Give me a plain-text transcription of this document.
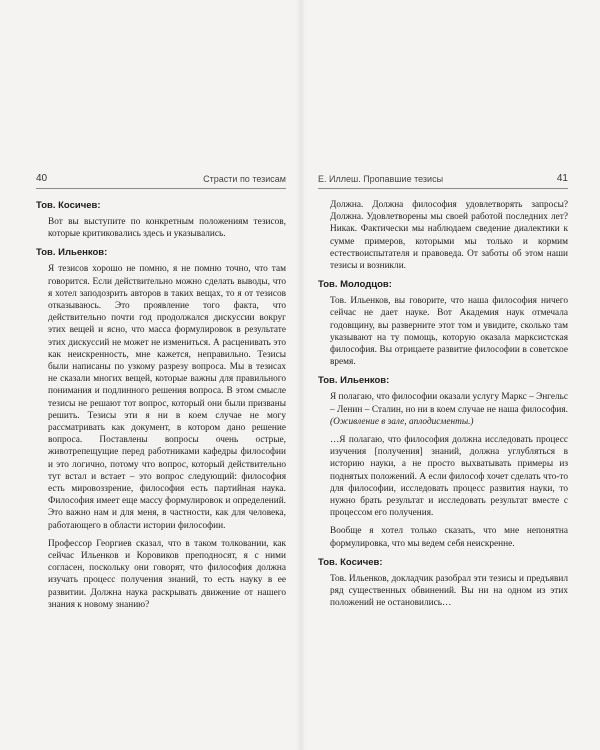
40	Страсти по тезисам
Тов. Косичев:

Вот вы выступите по конкретным положениям тезисов, которые критиковались здесь и указывались.

Тов. Ильенков:

Я тезисов хорошо не помню, я не помню точно, что там говорится. Если действительно можно сделать выводы, что я хотел заподозрить авторов в таких вещах, то я от тезисов отказываюсь. Это проявление того факта, что действительно почти год продолжался дискуссии вокруг этих вещей и ясно, что масса формулировок в результате этих дискуссий не может не измениться. А расценивать это как неискренность, мне кажется, неправильно. Тезисы были написаны по узкому разрезу вопроса. Мы в тезисах не сказали многих вещей, которые важны для правильного понимания и подлинного решения вопроса. В этом смысле тезисы не решают тот вопрос, который они были призваны решить. Тезисы эти я ни в коем случае не могу рассматривать как документ, в котором дано решение вопроса. Поставлены вопросы очень острые, животрепещущие перед работниками кафедры философии и это логично, потому что вопрос, который действительно тут встал и встает – это вопрос следующий: философия есть мировоззрение, философия есть партийная наука. Философия имеет еще массу формулировок и определений. Это важно нам и для меня, в частности, как для человека, работающего в области истории философии.

Профессор Георгиев сказал, что в таком толковании, как сейчас Ильенков и Коровиков преподносят, я с ними согласен, поскольку они говорят, что философия должна изучать процесс получения знаний, то есть науку в ее развитии. Должна наука раскрывать движение от нашего знания к новому знанию?

Е. Иллеш. Пропавшие тезисы	41

Должна. Должна философия удовлетворять запросы? Должна. Удовлетворены мы своей работой последних лет? Никак. Фактически мы наблюдаем сведение диалектики к сумме примеров, которыми мы только и кормим естествоиспытателя и правоведа. От заботы об этом наши тезисы и возникли.

Тов. Молодцов:

Тов. Ильенков, вы говорите, что наша философия ничего сейчас не дает науке. Вот Академия наук отмечала годовщину, вы разверните этот том и увидите, сколько там указывают на ту помощь, которую оказала марксистская философия. Вы отрицаете развитие философии в советское время.

Тов. Ильенков:

Я полагаю, что философии оказали услугу Маркс – Энгельс – Ленин – Сталин, но ни в коем случае не наша философия. (Оживление в зале, аплодисменты.)

…Я полагаю, что философия должна исследовать процесс изучения [получения] знаний, должна углубляться в историю науки, а не просто выхватывать примеры из поднятых положений. А если философ хочет сделать что-то для философии, исследовать процесс развития науки, то нужно брать результат и исследовать результат вместе с процессом его получения.

Вообще я хотел только сказать, что мне непонятна формулировка, что мы ведем себя неискренне.

Тов. Косичев:

Тов. Ильенков, докладчик разобрал эти тезисы и предъявил ряд существенных обвинений. Вы ни на одном из этих положений не остановились…
